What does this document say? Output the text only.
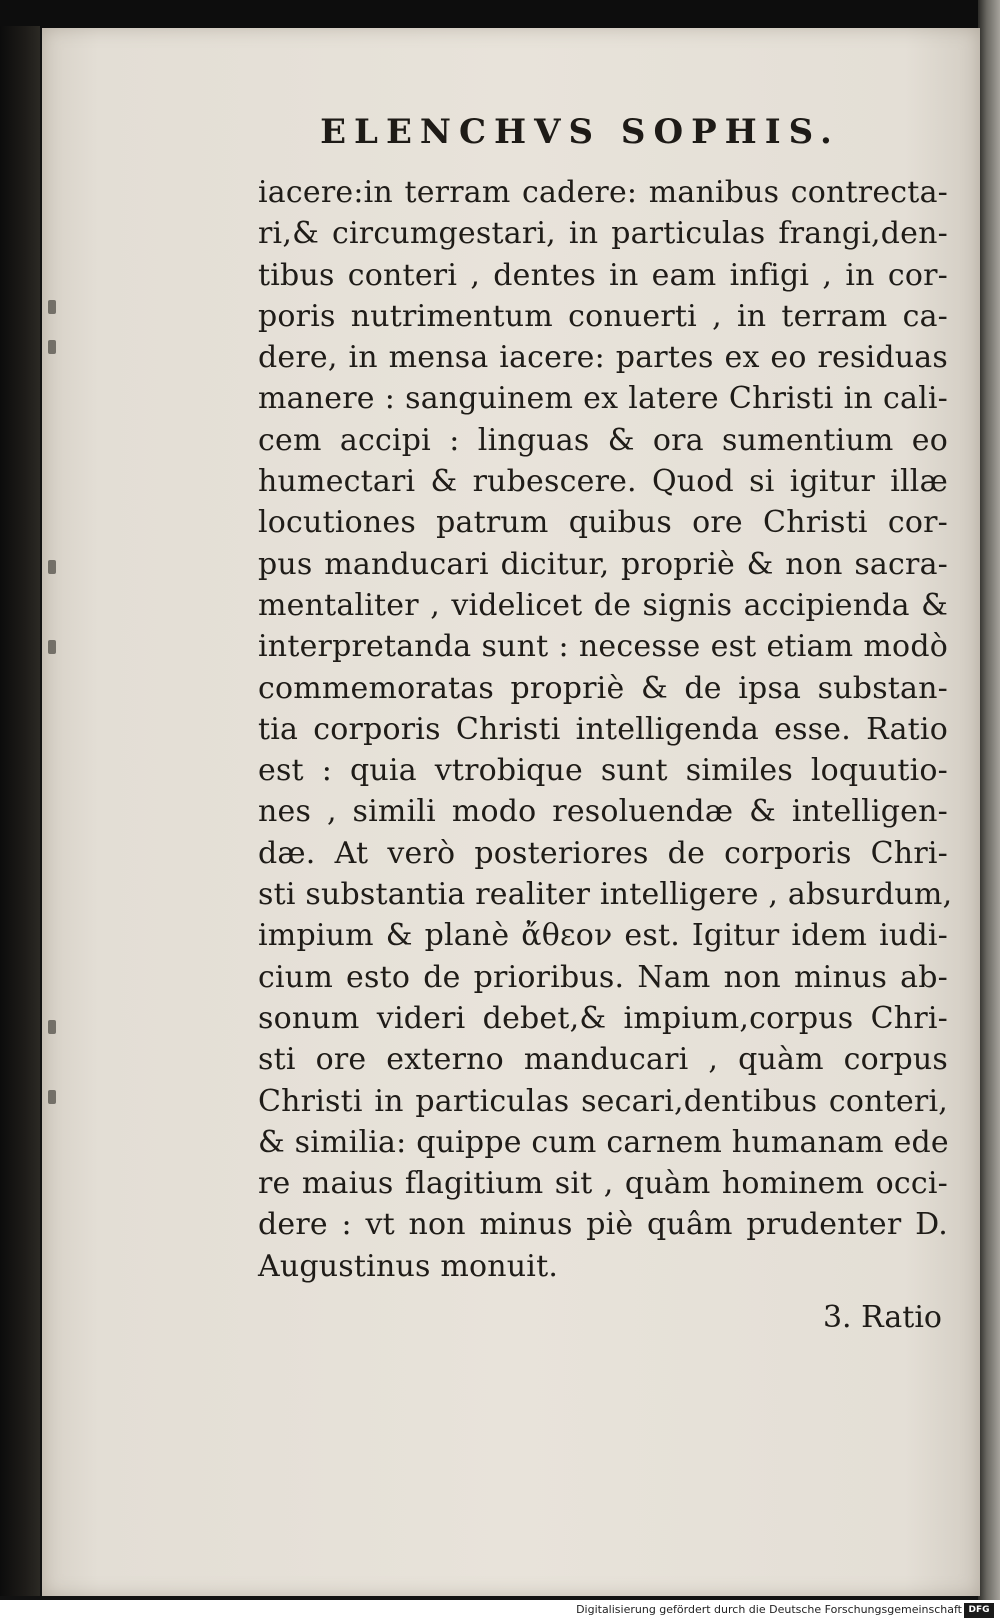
ELENCHVS SOPHIS.
iacere:in terram cadere: manibus contrecta-
ri,& circumgestari, in particulas frangi,den-
tibus conteri , dentes in eam infigi , in cor-
poris nutrimentum conuerti , in terram ca-
dere, in mensa iacere: partes ex eo residuas
manere : sanguinem ex latere Christi in cali-
cem accipi : linguas & ora sumentium eo
humectari & rubescere. Quod si igitur illæ
locutiones patrum quibus ore Christi cor-
pus manducari dicitur, propriè & non sacra-
mentaliter , videlicet de signis accipienda &
interpretanda sunt : necesse est etiam modò
commemoratas propriè & de ipsa substan-
tia corporis Christi intelligenda esse. Ratio
est : quia vtrobique sunt similes loquutio-
nes , simili modo resoluendæ & intelligen-
dæ. At verò posteriores de corporis Chri-
sti substantia realiter intelligere , absurdum,
impium & planè ἄθεον est. Igitur idem iudi-
cium esto de prioribus. Nam non minus ab-
sonum videri debet,& impium,corpus Chri-
sti ore externo manducari , quàm corpus
Christi in particulas secari,dentibus conteri,
& similia: quippe cum carnem humanam ede
re maius flagitium sit , quàm hominem occi-
dere : vt non minus piè quâm prudenter D.
Augustinus monuit.
3. Ratio
Digitalisierung gefördert durch die Deutsche Forschungsgemeinschaft DFG
